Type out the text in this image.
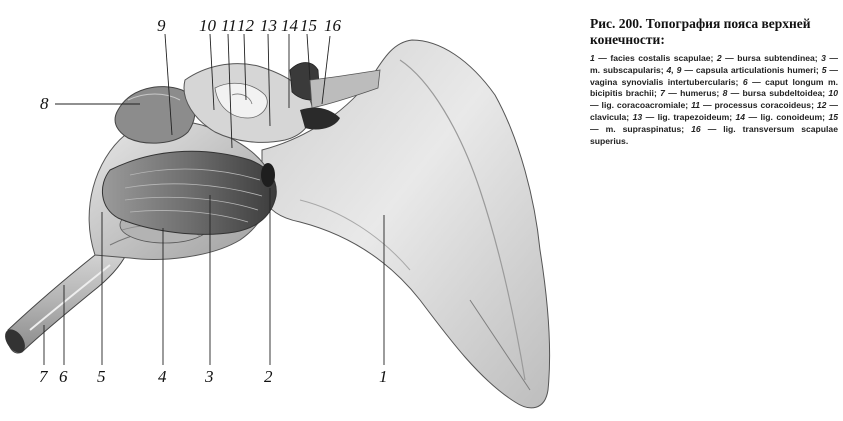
1
2
3
4
5
6
7
8
9 10 11 12 13 14 15 16	Рис. 200. Топография пояса верхней конечности:

1 — facies costalis scapulae; 2 — bursa subtendinea; 3 — m. subscapularis; 4, 9 — capsula articulationis humeri; 5 — vagina synovialis intertubercularis; 6 — caput longum m. bicipitis brachii; 7 — humerus; 8 — bursa subdeltoidea; 10 — lig. coracoacromiale; 11 — processus coracoideus; 12 — clavicula; 13 — lig. trapezoideum; 14 — lig. conoideum; 15 — m. supraspinatus; 16 — lig. transversum scapulae superius.
